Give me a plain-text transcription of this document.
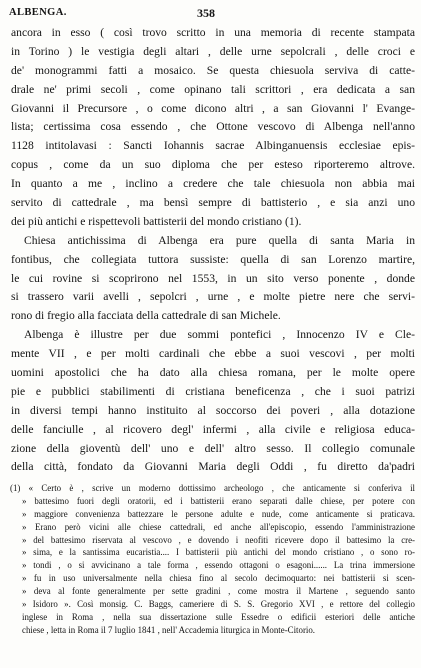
ALBENGA.	358
ancora in esso ( così trovo scritto in una memoria di recente stampata
in Torino ) le vestigia degli altari , delle urne sepolcrali , delle croci e
de' monogrammi fatti a mosaico. Se questa chiesuola serviva di catte-
drale ne' primi secoli , come opinano tali scrittori , era dedicata a san
Giovanni il Precursore , o come dicono altri , a san Giovanni l' Evange-
lista; certissima cosa essendo , che Ottone vescovo di Albenga nell'anno
1128 intitolavasi : Sancti Iohannis sacrae Albinganuensis ecclesiae epis-
copus , come da un suo diploma che per esteso riporteremo altrove.
In quanto a me , inclino a credere che tale chiesuola non abbia mai
servito di cattedrale , ma bensì sempre di battisterio , e sia anzi uno
dei più antichi e rispettevoli battisterii del mondo cristiano (1).
Chiesa antichissima di Albenga era pure quella di santa Maria in
fontibus, che collegiata tuttora sussiste: quella di san Lorenzo martire,
le cui rovine si scoprirono nel 1553, in un sito verso ponente , donde
si trassero varii avelli , sepolcri , urne , e molte pietre nere che servi-
rono di fregio alla facciata della cattedrale di san Michele.
Albenga è illustre per due sommi pontefici , Innocenzo IV e Cle-
mente VII , e per molti cardinali che ebbe a suoi vescovi , per molti
uomini apostolici che ha dato alla chiesa romana, per le molte opere
pie e pubblici stabilimenti di cristiana beneficenza , che i suoi patrizi
in diversi tempi hanno instituito al soccorso dei poveri , alla dotazione
delle fanciulle , al ricovero degl' infermi , alla civile e religiosa educa-
zione della gioventù dell' uno e dell' altro sesso. Il collegio comunale
della città, fondato da Giovanni Maria degli Oddi , fu diretto da'padri
(1) « Certo è , scrive un moderno dottissimo archeologo , che anticamente si conferiva il
» battesimo fuori degli oratorii, ed i battisterii erano separati dalle chiese, per potere con
» maggiore convenienza battezzare le persone adulte e nude, come anticamente si praticava.
» Erano però vicini alle chiese cattedrali, ed anche all'episcopio, essendo l'amministrazione
» del battesimo riservata al vescovo , e dovendo i neofiti ricevere dopo il battesimo la cre-
» sima, e la santissima eucaristia.... I battisterii più antichi del mondo cristiano , o sono ro-
» tondi , o si avvicinano a tale forma , essendo ottagoni o esagoni...... La trina immersione
» fu in uso universalmente nella chiesa fino al secolo decimoquarto: nei battisterii si scen-
» deva al fonte generalmente per sette gradini , come mostra il Martene , seguendo santo
» Isidoro ». Così monsig. C. Baggs, cameriere di S. S. Gregorio XVI , e rettore del collegio
inglese in Roma , nella sua dissertazione sulle Essedre o edificii esteriori delle antiche
chiese , letta in Roma il 7 luglio 1841 , nell' Accademia liturgica in Monte-Citorio.
